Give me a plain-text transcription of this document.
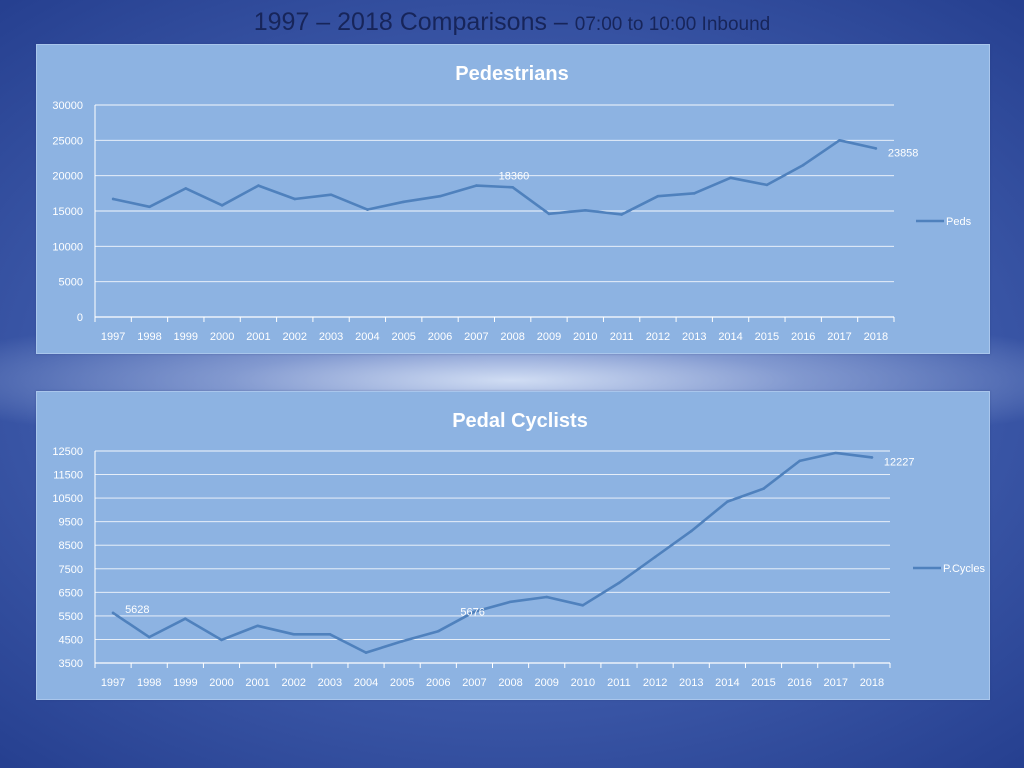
1997 – 2018 Comparisons – 07:00 to 10:00 Inbound
Pedestrians
0
5000
10000
15000
20000
25000
30000
1997 1998 1999 2000 2001 2002 2003 2004 2005 2006 2007 2008 2009 2010 2011 2012 2013 2014 2015 2016 2017 2018
Peds
18360
23858
Pedal Cyclists
3500
4500
5500
6500
7500
8500
9500
10500
11500
12500
1997 1998 1999 2000 2001 2002 2003 2004 2005 2006 2007 2008 2009 2010 2011 2012 2013 2014 2015 2016 2017 2018
P.Cycles
5628	5676
12227
